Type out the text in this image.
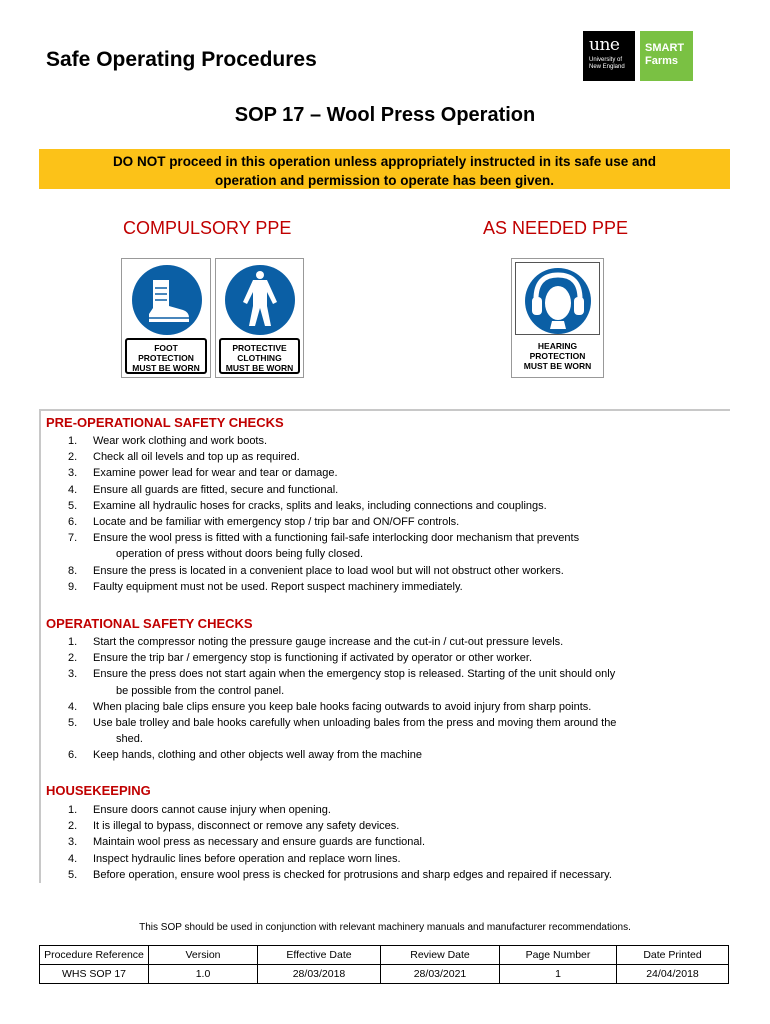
Safe Operating Procedures
une
University of New England
SMART
Farms
SOP 17 – Wool Press Operation
DO NOT proceed in this operation unless appropriately instructed in its safe use and
operation and permission to operate has been given.
COMPULSORY PPE	AS NEEDED PPE
FOOT
PROTECTION
MUST BE WORN
PROTECTIVE
CLOTHING
MUST BE WORN
HEARING
PROTECTION
MUST BE WORN
PRE-OPERATIONAL SAFETY CHECKS
1. Wear work clothing and work boots.
2. Check all oil levels and top up as required.
3. Examine power lead for wear and tear or damage.
4. Ensure all guards are fitted, secure and functional.
5. Examine all hydraulic hoses for cracks, splits and leaks, including connections and couplings.
6. Locate and be familiar with emergency stop / trip bar and ON/OFF controls.
7. Ensure the wool press is fitted with a functioning fail-safe interlocking door mechanism that prevents
operation of press without doors being fully closed.
8. Ensure the press is located in a convenient place to load wool but will not obstruct other workers.
9. Faulty equipment must not be used. Report suspect machinery immediately.
OPERATIONAL SAFETY CHECKS
1. Start the compressor noting the pressure gauge increase and the cut-in / cut-out pressure levels.
2. Ensure the trip bar / emergency stop is functioning if activated by operator or other worker.
3. Ensure the press does not start again when the emergency stop is released. Starting of the unit should only
be possible from the control panel.
4. When placing bale clips ensure you keep bale hooks facing outwards to avoid injury from sharp points.
5. Use bale trolley and bale hooks carefully when unloading bales from the press and moving them around the
shed.
6. Keep hands, clothing and other objects well away from the machine
HOUSEKEEPING
1. Ensure doors cannot cause injury when opening.
2. It is illegal to bypass, disconnect or remove any safety devices.
3. Maintain wool press as necessary and ensure guards are functional.
4. Inspect hydraulic lines before operation and replace worn lines.
5. Before operation, ensure wool press is checked for protrusions and sharp edges and repaired if necessary.
This SOP should be used in conjunction with relevant machinery manuals and manufacturer recommendations.
Procedure Reference	Version	Effective Date	Review Date	Page Number	Date Printed
WHS SOP 17	1.0	28/03/2018	28/03/2021	1	24/04/2018
